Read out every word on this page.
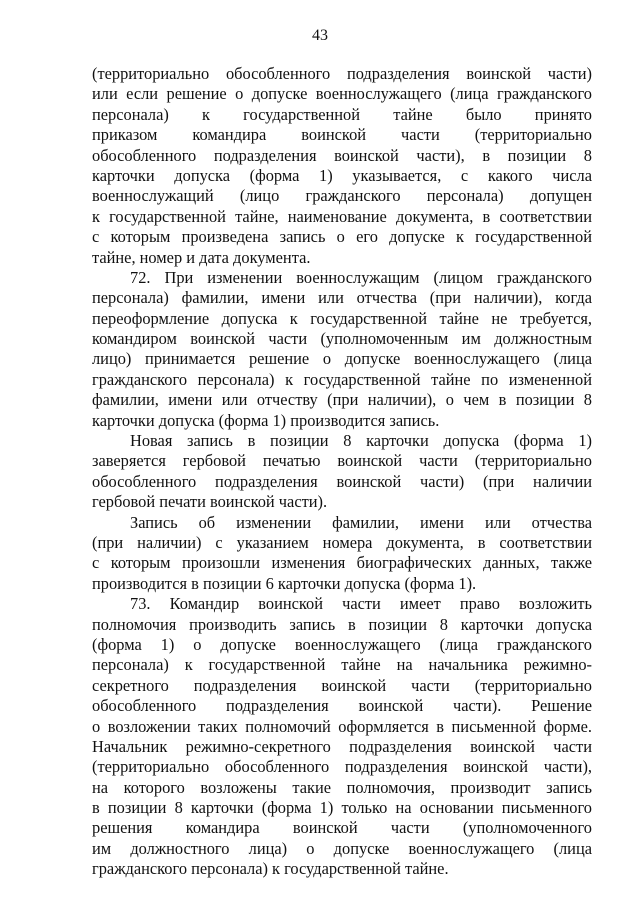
43
(территориально обособленного подразделения воинской части)
или если решение о допуске военнослужащего (лица гражданского
персонала) к государственной тайне было принято
приказом командира воинской части (территориально
обособленного подразделения воинской части), в позиции 8
карточки допуска (форма 1) указывается, с какого числа
военнослужащий (лицо гражданского персонала) допущен
к государственной тайне, наименование документа, в соответствии
с которым произведена запись о его допуске к государственной
тайне, номер и дата документа.
72. При изменении военнослужащим (лицом гражданского
персонала) фамилии, имени или отчества (при наличии), когда
переоформление допуска к государственной тайне не требуется,
командиром воинской части (уполномоченным им должностным
лицо) принимается решение о допуске военнослужащего (лица
гражданского персонала) к государственной тайне по измененной
фамилии, имени или отчеству (при наличии), о чем в позиции 8
карточки допуска (форма 1) производится запись.
Новая запись в позиции 8 карточки допуска (форма 1)
заверяется гербовой печатью воинской части (территориально
обособленного подразделения воинской части) (при наличии
гербовой печати воинской части).
Запись об изменении фамилии, имени или отчества
(при наличии) с указанием номера документа, в соответствии
с которым произошли изменения биографических данных, также
производится в позиции 6 карточки допуска (форма 1).
73. Командир воинской части имеет право возложить
полномочия производить запись в позиции 8 карточки допуска
(форма 1) о допуске военнослужащего (лица гражданского
персонала) к государственной тайне на начальника режимно-
секретного подразделения воинской части (территориально
обособленного подразделения воинской части). Решение
о возложении таких полномочий оформляется в письменной форме.
Начальник режимно-секретного подразделения воинской части
(территориально обособленного подразделения воинской части),
на которого возложены такие полномочия, производит запись
в позиции 8 карточки (форма 1) только на основании письменного
решения командира воинской части (уполномоченного
им должностного лица) о допуске военнослужащего (лица
гражданского персонала) к государственной тайне.
